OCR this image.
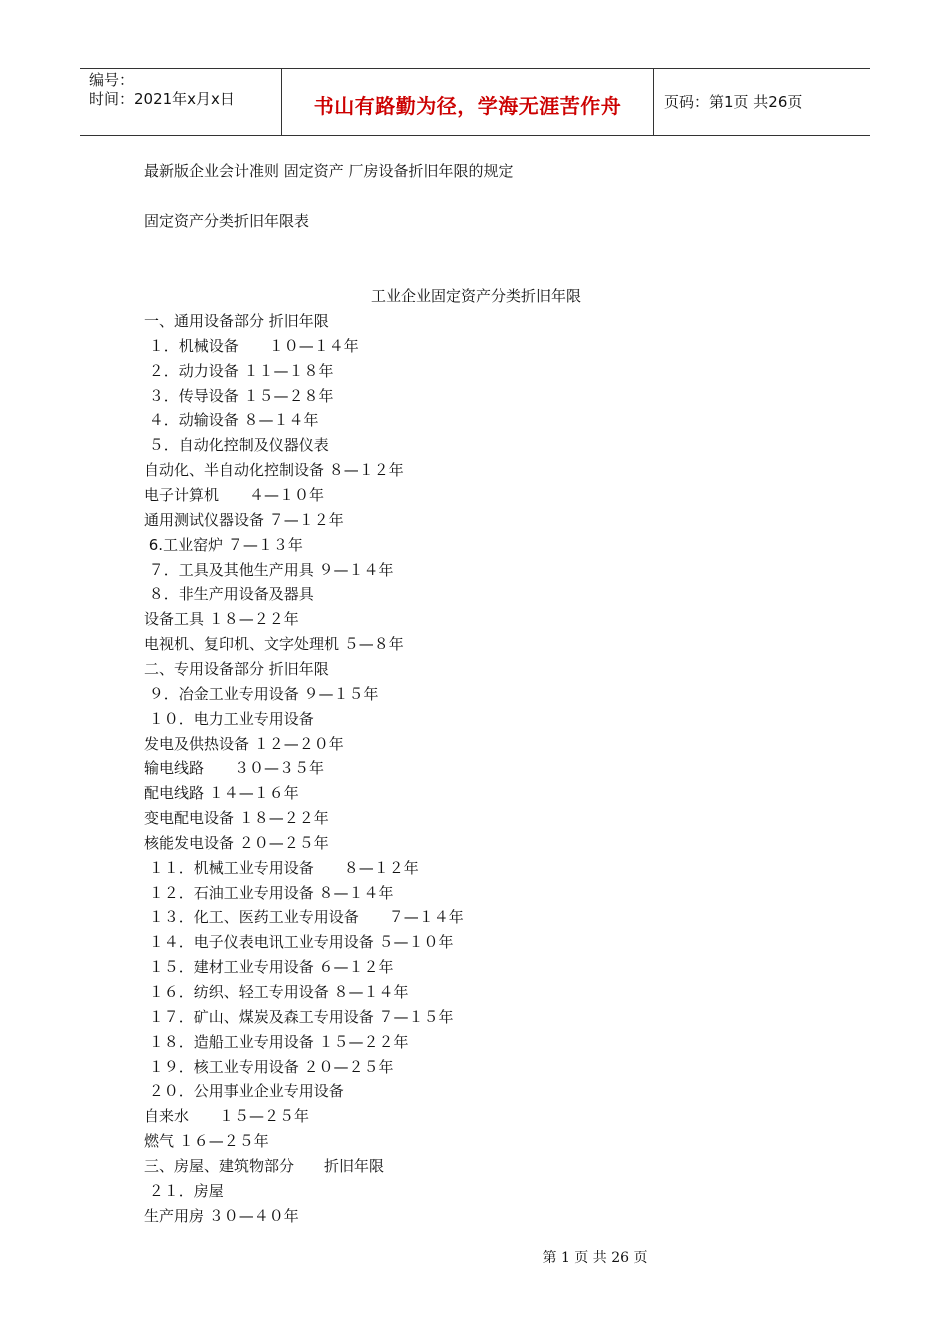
编号：
时间：2021年x月x日	书山有路勤为径，学海无涯苦作舟	页码：第1页 共26页
最新版企业会计准则 固定资产 厂房设备折旧年限的规定
固定资产分类折旧年限表
工业企业固定资产分类折旧年限
一、通用设备部分 折旧年限
１．机械设备　　１０—１４年
２．动力设备 １１—１８年
３．传导设备 １５—２８年
４．动输设备 ８—１４年
５．自动化控制及仪器仪表
自动化、半自动化控制设备 ８—１２年
电子计算机　　４—１０年
通用测试仪器设备 ７—１２年
6.工业窑炉 ７—１３年
７．工具及其他生产用具 ９—１４年
８．非生产用设备及器具
设备工具 １８—２２年
电视机、复印机、文字处理机 ５—８年
二、专用设备部分 折旧年限
９．冶金工业专用设备 ９—１５年
１０．电力工业专用设备
发电及供热设备 １２—２０年
输电线路　　３０—３５年
配电线路 １４—１６年
变电配电设备 １８—２２年
核能发电设备 ２０—２５年
１１．机械工业专用设备　　８—１２年
１２．石油工业专用设备 ８—１４年
１３．化工、医药工业专用设备　　７—１４年
１４．电子仪表电讯工业专用设备 ５—１０年
１５．建材工业专用设备 ６—１２年
１６．纺织、轻工专用设备 ８—１４年
１７．矿山、煤炭及森工专用设备 ７—１５年
１８．造船工业专用设备 １５—２２年
１９．核工业专用设备 ２０—２５年
２０．公用事业企业专用设备
自来水　　１５—２５年
燃气 １６—２５年
三、房屋、建筑物部分　　折旧年限
２１．房屋
生产用房 ３０—４０年
第 1 页 共 26 页
